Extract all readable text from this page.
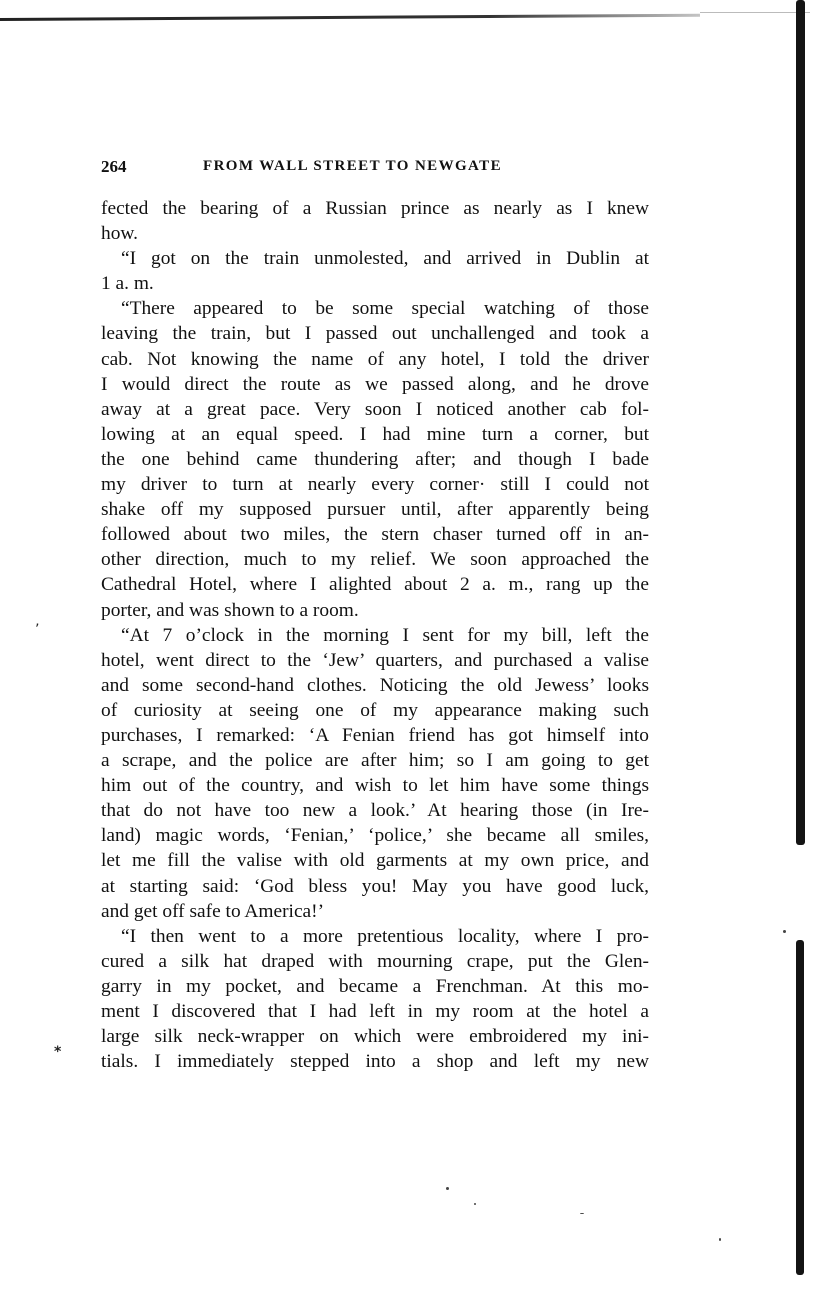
264	FROM WALL STREET TO NEWGATE
’
*
fected the bearing of a Russian prince as nearly as I knew
how.
“I got on the train unmolested, and arrived in Dublin at
1 a. m.
“There appeared to be some special watching of those
leaving the train, but I passed out unchallenged and took a
cab. Not knowing the name of any hotel, I told the driver
I would direct the route as we passed along, and he drove
away at a great pace. Very soon I noticed another cab fol-
lowing at an equal speed. I had mine turn a corner, but
the one behind came thundering after; and though I bade
my driver to turn at nearly every corner· still I could not
shake off my supposed pursuer until, after apparently being
followed about two miles, the stern chaser turned off in an-
other direction, much to my relief. We soon approached the
Cathedral Hotel, where I alighted about 2 a. m., rang up the
porter, and was shown to a room.
“At 7 o’clock in the morning I sent for my bill, left the
hotel, went direct to the ‘Jew’ quarters, and purchased a valise
and some second-hand clothes. Noticing the old Jewess’ looks
of curiosity at seeing one of my appearance making such
purchases, I remarked: ‘A Fenian friend has got himself into
a scrape, and the police are after him; so I am going to get
him out of the country, and wish to let him have some things
that do not have too new a look.’ At hearing those (in Ire-
land) magic words, ‘Fenian,’ ‘police,’ she became all smiles,
let me fill the valise with old garments at my own price, and
at starting said: ‘God bless you! May you have good luck,
and get off safe to America!’
“I then went to a more pretentious locality, where I pro-
cured a silk hat draped with mourning crape, put the Glen-
garry in my pocket, and became a Frenchman. At this mo-
ment I discovered that I had left in my room at the hotel a
large silk neck-wrapper on which were embroidered my ini-
tials. I immediately stepped into a shop and left my new
